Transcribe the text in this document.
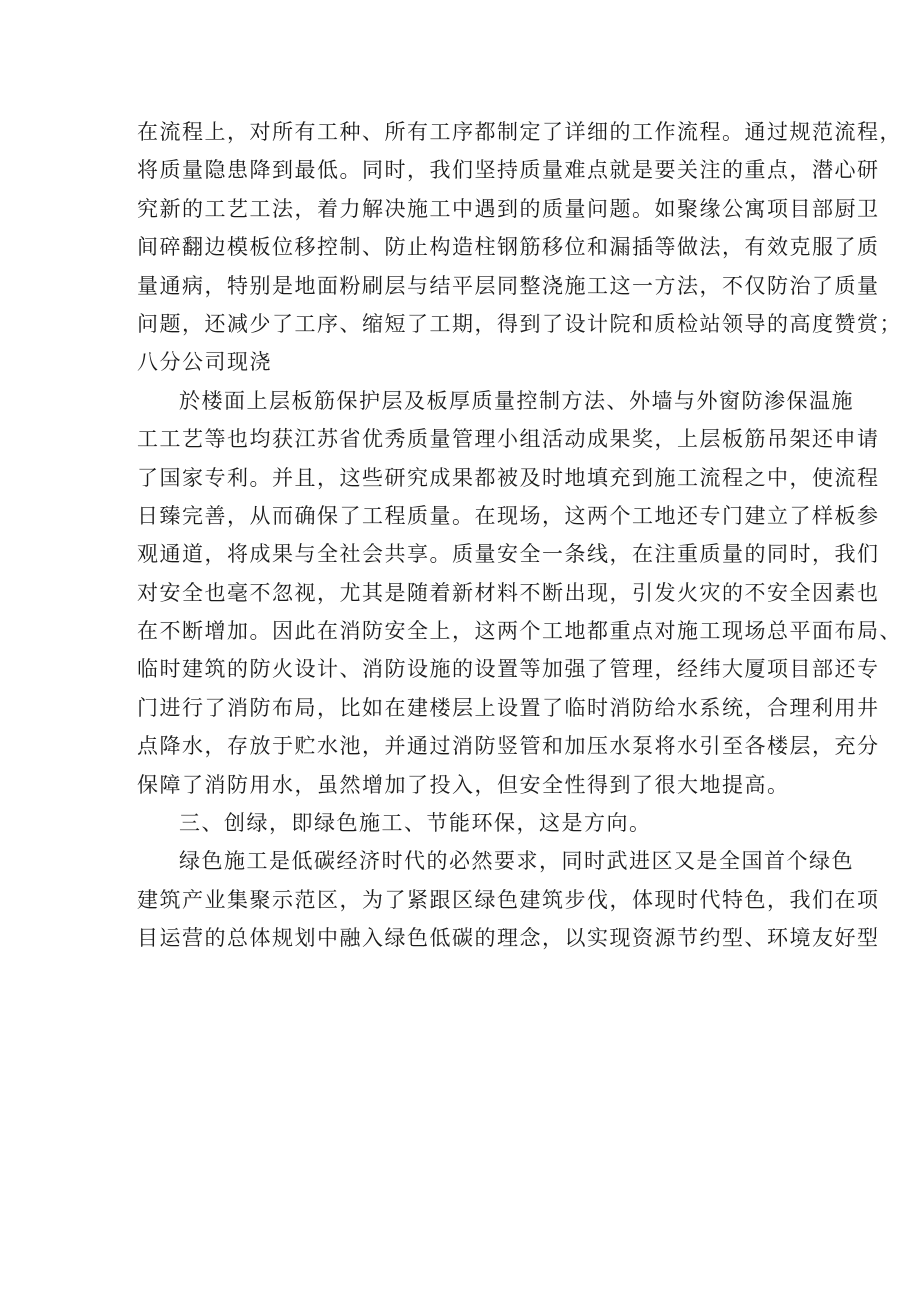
在流程上，对所有工种、所有工序都制定了详细的工作流程。通过规范流程，
将质量隐患降到最低。同时，我们坚持质量难点就是要关注的重点，潜心研
究新的工艺工法，着力解决施工中遇到的质量问题。如聚缘公寓项目部厨卫
间碎翻边模板位移控制、防止构造柱钢筋移位和漏插等做法，有效克服了质
量通病，特别是地面粉刷层与结平层同整浇施工这一方法，不仅防治了质量
问题，还减少了工序、缩短了工期，得到了设计院和质检站领导的高度赞赏；
八分公司现浇
於楼面上层板筋保护层及板厚质量控制方法、外墙与外窗防渗保温施
工工艺等也均获江苏省优秀质量管理小组活动成果奖，上层板筋吊架还申请
了国家专利。并且，这些研究成果都被及时地填充到施工流程之中，使流程
日臻完善，从而确保了工程质量。在现场，这两个工地还专门建立了样板参
观通道，将成果与全社会共享。质量安全一条线，在注重质量的同时，我们
对安全也毫不忽视，尤其是随着新材料不断出现，引发火灾的不安全因素也
在不断增加。因此在消防安全上，这两个工地都重点对施工现场总平面布局、
临时建筑的防火设计、消防设施的设置等加强了管理，经纬大厦项目部还专
门进行了消防布局，比如在建楼层上设置了临时消防给水系统，合理利用井
点降水，存放于贮水池，并通过消防竖管和加压水泵将水引至各楼层，充分
保障了消防用水，虽然增加了投入，但安全性得到了很大地提高。
三、创绿，即绿色施工、节能环保，这是方向。
绿色施工是低碳经济时代的必然要求，同时武进区又是全国首个绿色
建筑产业集聚示范区，为了紧跟区绿色建筑步伐，体现时代特色，我们在项
目运营的总体规划中融入绿色低碳的理念，以实现资源节约型、环境友好型
